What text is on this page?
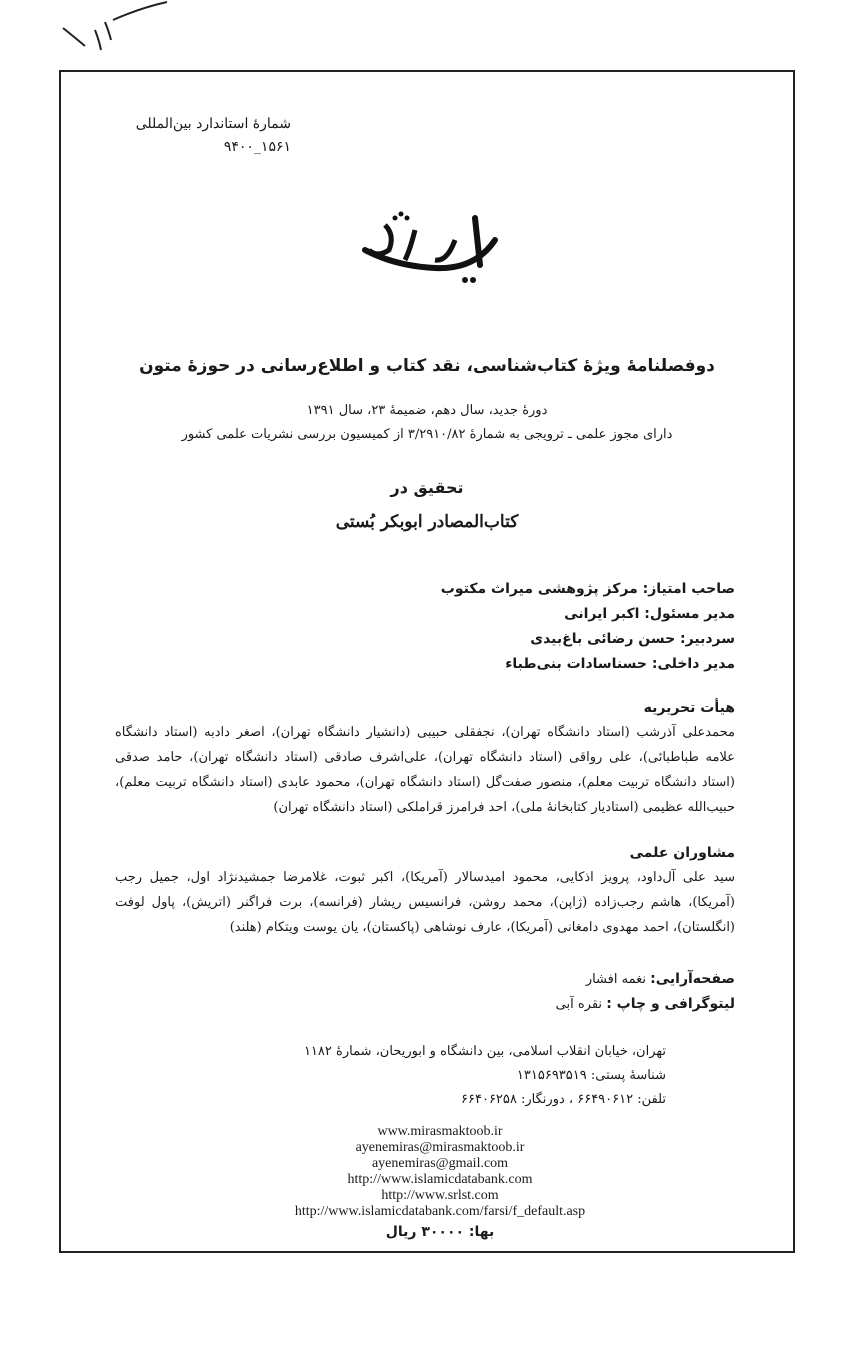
شمارۀ استاندارد بین‌المللی
۱۵۶۱_۹۴۰۰
دوفصلنامۀ ویژۀ کتاب‌شناسی، نقد کتاب و اطلاع‌رسانی در حوزۀ متون
دورۀ جدید، سال دهم، ضمیمۀ ۲۳، سال ۱۳۹۱
دارای مجوز علمی ـ ترویجی به شمارۀ ۳/۲۹۱۰/۸۲ از کمیسیون بررسی نشریات علمی کشور
تحقیق در
کتاب‌المصادر ابوبکر بُستی
صاحب امتیاز: مرکز پژوهشی میراث مکتوب
مدیر مسئول: اکبر ایرانی
سردبیر: حسن رضائی باغ‌بیدی
مدیر داخلی: حسناسادات بنی‌طباء
هیأت تحریریه
محمدعلی آذرشب (استاد دانشگاه تهران)، نجفقلی حبیبی (دانشیار دانشگاه تهران)، اصغر دادبه (استاد دانشگاه علامه طباطبائی)، علی رواقی (استاد دانشگاه تهران)، علی‌اشرف صادقی (استاد دانشگاه تهران)، حامد صدقی (استاد دانشگاه تربیت معلم)، منصور صفت‌گل (استاد دانشگاه تهران)، محمود عابدی (استاد دانشگاه تربیت معلم)، حبیب‌الله عظیمی (استادیار کتابخانۀ ملی)، احد فرامرز قراملکی (استاد دانشگاه تهران)
مشاوران علمی
سید علی آل‌داود، پرویز اذکایی، محمود امیدسالار (آمریکا)، اکبر ثبوت، غلامرضا جمشیدنژاد اول، جمیل رجب (آمریکا)، هاشم رجب‌زاده (ژاپن)، محمد روشن، فرانسیس ریشار (فرانسه)، برت فراگنر (اتریش)، پاول لوفت (انگلستان)، احمد مهدوی دامغانی (آمریکا)، عارف نوشاهی (پاکستان)، یان یوست ویتکام (هلند)
صفحه‌آرایی: نغمه افشار
لیتوگرافی و چاپ : نقره آبی
تهران، خیابان انقلاب اسلامی، بین دانشگاه و ابوریحان، شمارۀ ۱۱۸۲
شناسۀ پستی: ۱۳۱۵۶۹۳۵۱۹
تلفن: ۶۶۴۹۰۶۱۲ ، دورنگار: ۶۶۴۰۶۲۵۸
www.mirasmaktoob.ir
ayenemiras@mirasmaktoob.ir
ayenemiras@gmail.com
http://www.islamicdatabank.com
http://www.srlst.com
http://www.islamicdatabank.com/farsi/f_default.asp
بها: ۳۰۰۰۰ ریال
